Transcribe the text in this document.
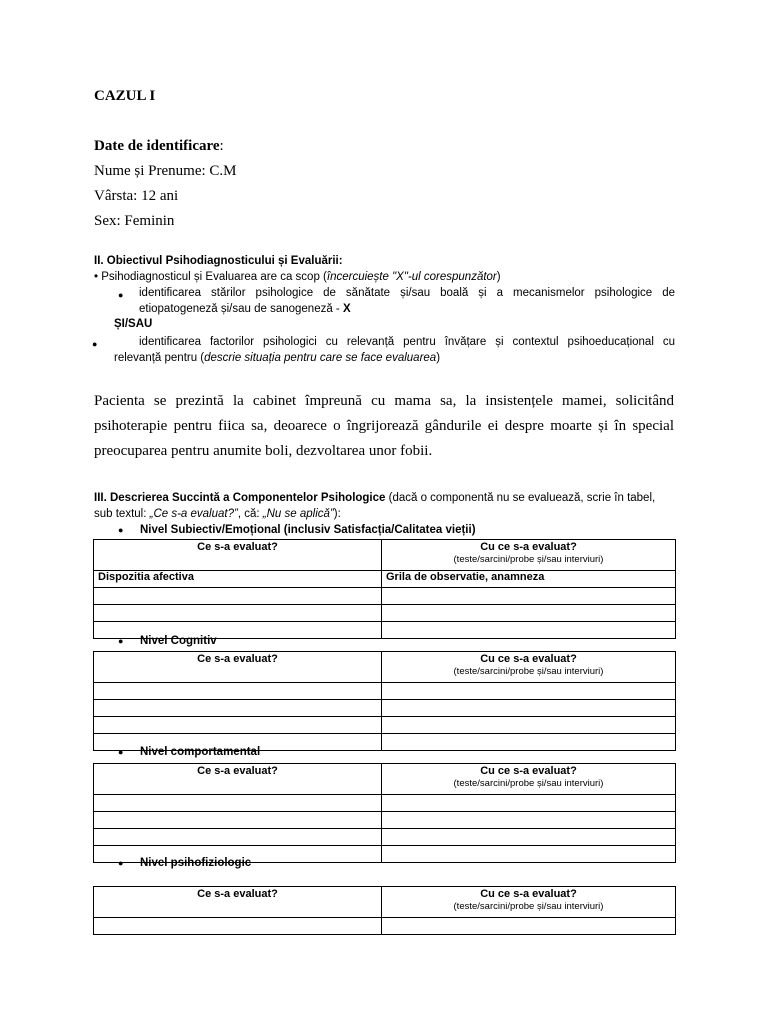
CAZUL I
Date de identificare:
Nume și Prenume: C.M
Vârsta: 12 ani
Sex: Feminin
II. Obiectivul Psihodiagnosticului și Evaluării:
• Psihodiagnosticul și Evaluarea are ca scop (încercuiește "X"-ul corespunzător)
● identificarea stărilor psihologice de sănătate și/sau boală și a mecanismelor psihologice de
etiopatogeneză și/sau de sanogeneză - X
ȘI/SAU
●	identificarea factorilor psihologici cu relevanță pentru învățare și contextul psihoeducațional cu
relevanță pentru (descrie situația pentru care se face evaluarea)
Pacienta se prezintă la cabinet împreună cu mama sa, la insistențele mamei, solicitând
psihoterapie pentru fiica sa, deoarece o îngrijorează gândurile ei despre moarte și în special
preocuparea pentru anumite boli, dezvoltarea unor fobii.
III. Descrierea Succintă a Componentelor Psihologice (dacă o componentă nu se evaluează, scrie în tabel,
sub textul: „Ce s-a evaluat?”, că: „Nu se aplică”):
● Nivel Subiectiv/Emoțional (inclusiv Satisfacția/Calitatea vieții)
Ce s-a evaluat?	Cu ce s-a evaluat?
(teste/sarcini/probe și/sau interviuri)

Dispozitia afectiva	Grila de observatie, anamneza

● Nivel Cognitiv
Ce s-a evaluat?	Cu ce s-a evaluat?
(teste/sarcini/probe și/sau interviuri)

● Nivel comportamental
Ce s-a evaluat?	Cu ce s-a evaluat?
(teste/sarcini/probe și/sau interviuri)

● Nivel psihofiziologic
Ce s-a evaluat?	Cu ce s-a evaluat?
(teste/sarcini/probe și/sau interviuri)
